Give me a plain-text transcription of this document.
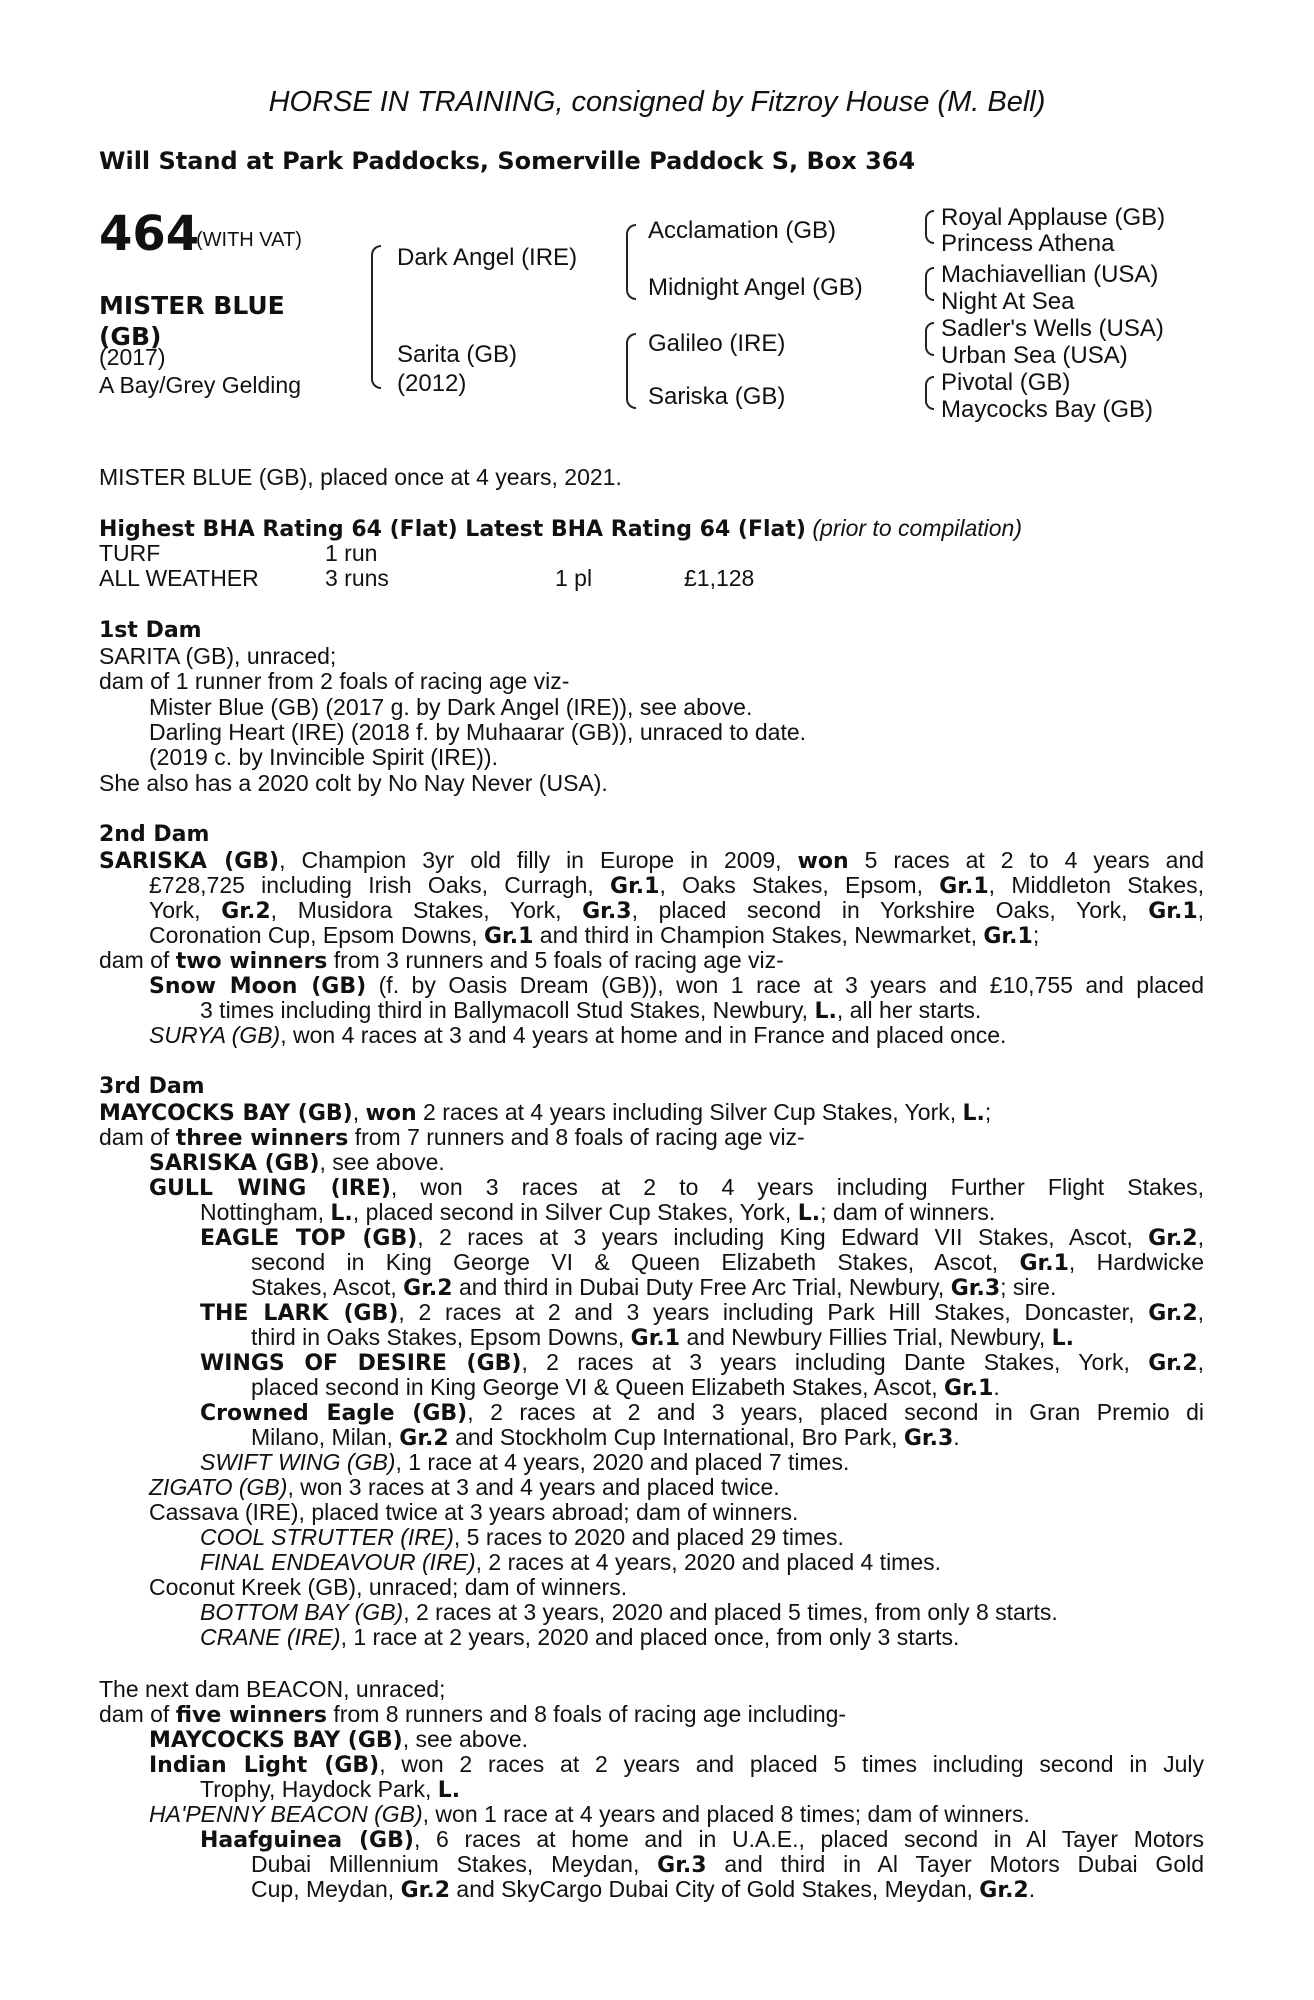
HORSE IN TRAINING, consigned by Fitzroy House (M. Bell)
Will Stand at Park Paddocks, Somerville Paddock S, Box 364
464
(WITH VAT)
MISTER BLUE
(GB)
(2017)
A Bay/Grey Gelding
Dark Angel (IRE)
Sarita (GB)
(2012)
Acclamation (GB)
Midnight Angel (GB)
Galileo (IRE)
Sariska (GB)
Royal Applause (GB)
Princess Athena
Machiavellian (USA)
Night At Sea
Sadler's Wells (USA)
Urban Sea (USA)
Pivotal (GB)
Maycocks Bay (GB)
MISTER BLUE (GB), placed once at 4 years, 2021.
Highest BHA Rating 64 (Flat) Latest BHA Rating 64 (Flat) (prior to compilation)
TURF	1 run
ALL WEATHER	3 runs	1 pl	£1,128
1st Dam
SARITA (GB), unraced;
dam of 1 runner from 2 foals of racing age viz-
Mister Blue (GB) (2017 g. by Dark Angel (IRE)), see above.
Darling Heart (IRE) (2018 f. by Muhaarar (GB)), unraced to date.
(2019 c. by Invincible Spirit (IRE)).
She also has a 2020 colt by No Nay Never (USA).
2nd Dam
SARISKA (GB), Champion 3yr old filly in Europe in 2009, won 5 races at 2 to 4 years and
£728,725 including Irish Oaks, Curragh, Gr.1, Oaks Stakes, Epsom, Gr.1, Middleton Stakes,
York, Gr.2, Musidora Stakes, York, Gr.3, placed second in Yorkshire Oaks, York, Gr.1,
Coronation Cup, Epsom Downs, Gr.1 and third in Champion Stakes, Newmarket, Gr.1;
dam of two winners from 3 runners and 5 foals of racing age viz-
Snow Moon (GB) (f. by Oasis Dream (GB)), won 1 race at 3 years and £10,755 and placed
3 times including third in Ballymacoll Stud Stakes, Newbury, L., all her starts.
SURYA (GB), won 4 races at 3 and 4 years at home and in France and placed once.
3rd Dam
MAYCOCKS BAY (GB), won 2 races at 4 years including Silver Cup Stakes, York, L.;
dam of three winners from 7 runners and 8 foals of racing age viz-
SARISKA (GB), see above.
GULL WING (IRE), won 3 races at 2 to 4 years including Further Flight Stakes,
Nottingham, L., placed second in Silver Cup Stakes, York, L.; dam of winners.
EAGLE TOP (GB), 2 races at 3 years including King Edward VII Stakes, Ascot, Gr.2,
second in King George VI & Queen Elizabeth Stakes, Ascot, Gr.1, Hardwicke
Stakes, Ascot, Gr.2 and third in Dubai Duty Free Arc Trial, Newbury, Gr.3; sire.
THE LARK (GB), 2 races at 2 and 3 years including Park Hill Stakes, Doncaster, Gr.2,
third in Oaks Stakes, Epsom Downs, Gr.1 and Newbury Fillies Trial, Newbury, L.
WINGS OF DESIRE (GB), 2 races at 3 years including Dante Stakes, York, Gr.2,
placed second in King George VI & Queen Elizabeth Stakes, Ascot, Gr.1.
Crowned Eagle (GB), 2 races at 2 and 3 years, placed second in Gran Premio di
Milano, Milan, Gr.2 and Stockholm Cup International, Bro Park, Gr.3.
SWIFT WING (GB), 1 race at 4 years, 2020 and placed 7 times.
ZIGATO (GB), won 3 races at 3 and 4 years and placed twice.
Cassava (IRE), placed twice at 3 years abroad; dam of winners.
COOL STRUTTER (IRE), 5 races to 2020 and placed 29 times.
FINAL ENDEAVOUR (IRE), 2 races at 4 years, 2020 and placed 4 times.
Coconut Kreek (GB), unraced; dam of winners.
BOTTOM BAY (GB), 2 races at 3 years, 2020 and placed 5 times, from only 8 starts.
CRANE (IRE), 1 race at 2 years, 2020 and placed once, from only 3 starts.
The next dam BEACON, unraced;
dam of five winners from 8 runners and 8 foals of racing age including-
MAYCOCKS BAY (GB), see above.
Indian Light (GB), won 2 races at 2 years and placed 5 times including second in July
Trophy, Haydock Park, L.
HA'PENNY BEACON (GB), won 1 race at 4 years and placed 8 times; dam of winners.
Haafguinea (GB), 6 races at home and in U.A.E., placed second in Al Tayer Motors
Dubai Millennium Stakes, Meydan, Gr.3 and third in Al Tayer Motors Dubai Gold
Cup, Meydan, Gr.2 and SkyCargo Dubai City of Gold Stakes, Meydan, Gr.2.
